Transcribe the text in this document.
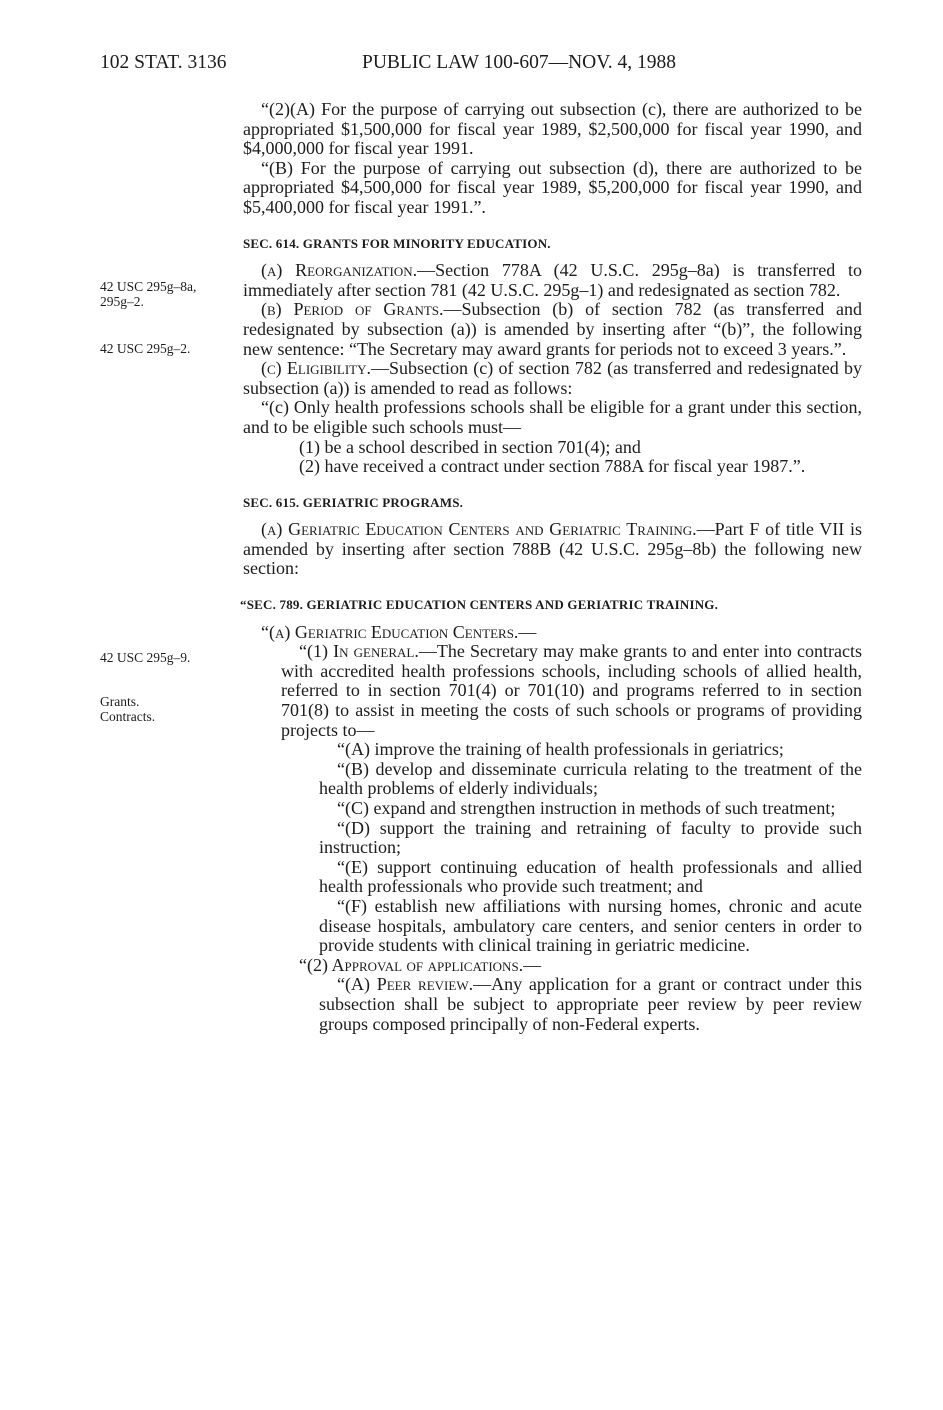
102 STAT. 3136	PUBLIC LAW 100-607—NOV. 4, 1988
42 USC 295g–8a,
295g–2.
42 USC 295g–2.
42 USC 295g–9.
Grants.
Contracts.

“(2)(A) For the purpose of carrying out subsection (c), there are authorized to be appropriated $1,500,000 for fiscal year 1989, $2,500,000 for fiscal year 1990, and $4,000,000 for fiscal year 1991.

“(B) For the purpose of carrying out subsection (d), there are authorized to be appropriated $4,500,000 for fiscal year 1989, $5,200,000 for fiscal year 1990, and $5,400,000 for fiscal year 1991.”.

SEC. 614. GRANTS FOR MINORITY EDUCATION.

(a) Reorganization.—Section 778A (42 U.S.C. 295g–8a) is transferred to immediately after section 781 (42 U.S.C. 295g–1) and redesignated as section 782.

(b) Period of Grants.—Subsection (b) of section 782 (as transferred and redesignated by subsection (a)) is amended by inserting after “(b)”, the following new sentence: “The Secretary may award grants for periods not to exceed 3 years.”.

(c) Eligibility.—Subsection (c) of section 782 (as transferred and redesignated by subsection (a)) is amended to read as follows:

“(c) Only health professions schools shall be eligible for a grant under this section, and to be eligible such schools must—

(1) be a school described in section 701(4); and

(2) have received a contract under section 788A for fiscal year 1987.”.

SEC. 615. GERIATRIC PROGRAMS.

(a) Geriatric Education Centers and Geriatric Training.—Part F of title VII is amended by inserting after section 788B (42 U.S.C. 295g–8b) the following new section:

“SEC. 789. GERIATRIC EDUCATION CENTERS AND GERIATRIC TRAINING.

“(a) Geriatric Education Centers.—

“(1) In general.—The Secretary may make grants to and enter into contracts with accredited health professions schools, including schools of allied health, referred to in section 701(4) or 701(10) and programs referred to in section 701(8) to assist in meeting the costs of such schools or programs of providing projects to—

“(A) improve the training of health professionals in geriatrics;

“(B) develop and disseminate curricula relating to the treatment of the health problems of elderly individuals;

“(C) expand and strengthen instruction in methods of such treatment;

“(D) support the training and retraining of faculty to provide such instruction;

“(E) support continuing education of health professionals and allied health professionals who provide such treatment; and

“(F) establish new affiliations with nursing homes, chronic and acute disease hospitals, ambulatory care centers, and senior centers in order to provide students with clinical training in geriatric medicine.

“(2) Approval of applications.—

“(A) Peer review.—Any application for a grant or contract under this subsection shall be subject to appropriate peer review by peer review groups composed principally of non-Federal experts.
